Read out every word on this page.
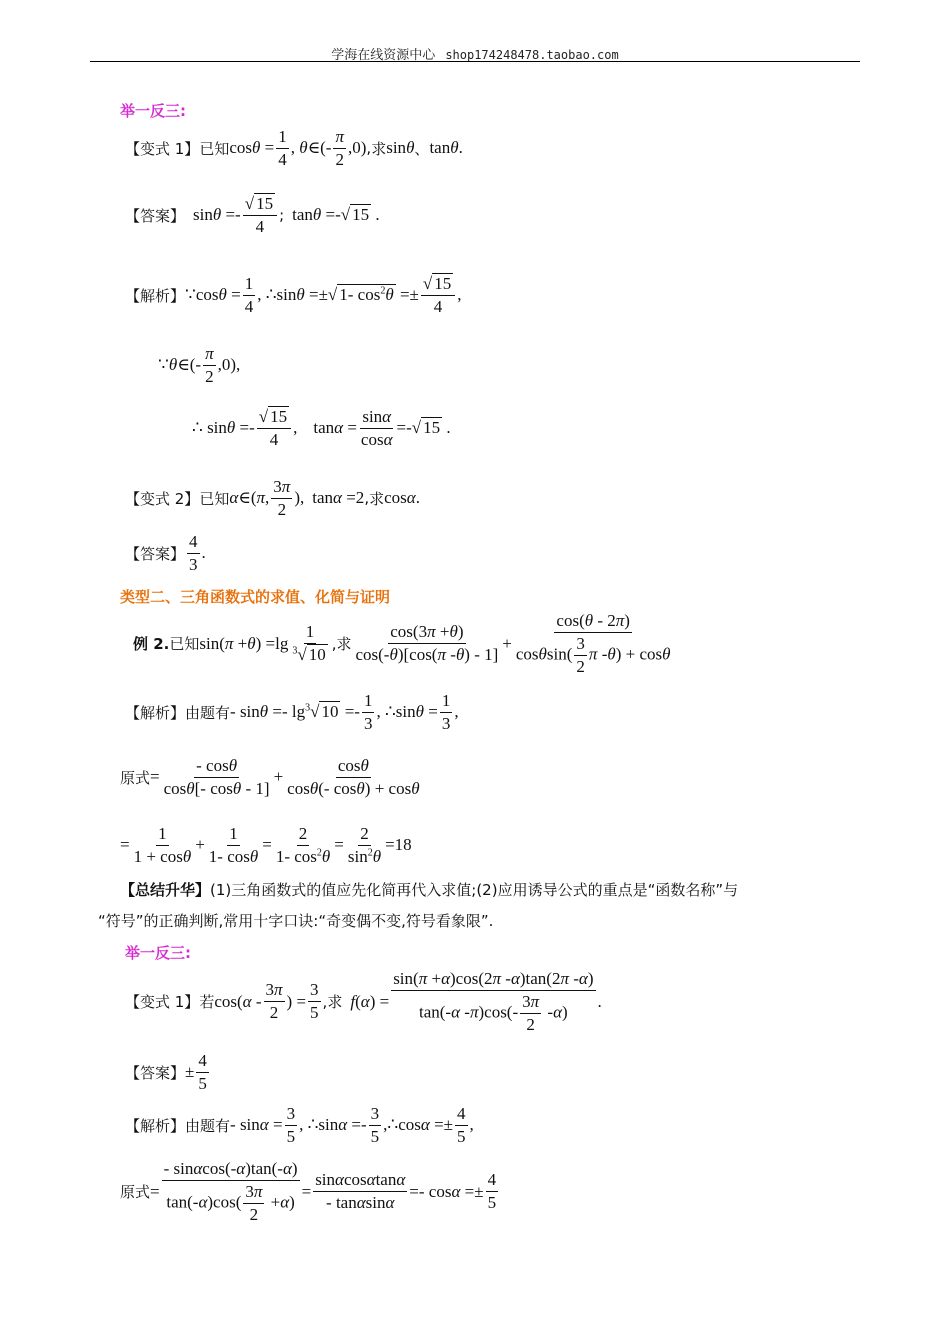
学海在线资源中心 shop174248478.taobao.com
举一反三:
【变式 1】 已知 $\cos\theta = \frac{1}{4}$ , θ∈(- $\frac{\pi}{2} ,0$) , 求 sinθ 、 tanθ.
【答案】 $\sin\theta =- \frac{√ 15}{4}$ ; tanθ =-√ 15 .
【解析】 ∵ $\cos\theta = \frac{1}{4}$ , ∴ sinθ =±√ 1- $\cos^2\theta =\pm \frac{√ 15}{4}$ ,
∵θ∈(- $\frac{\pi}{2} ,0$),
∴ $\sin\theta =- \frac{√ 15}{4}$ , $\tan\alpha = \frac{\sin\alpha}{\cos\alpha}$ =-√ 15 .
【变式 2】 已知 α ∈(π, $\frac{3\pi}{2}$ ), tanα =2 , 求 cosα.
【答案】 $\frac{4}{3}$ .
类型二、三角函数式的求值、化简与证明
例 2. 已知 $\sin(\pi +\theta) =\lg \frac{1}{^3√ 10}$ , 求 $\frac{\cos(3\pi +\theta)}{\cos(-\theta)[\cos(\pi -\theta) - 1]} + \frac{\cos(\theta - 2\pi)}{\cos\theta\sin( \frac{3}{2} \pi -\theta) + \cos\theta}$
【解析】 由题有 - $\sin\theta =- \lg^3√$ $10 =- \frac{1}{3}$ , ∴sinθ = $\frac{1}{3}$ ,
原式 = $\frac{- \cos\theta}{\cos\theta[- \cos\theta - 1]} + \frac{\cos\theta}{\cos\theta(- \cos\theta) + \cos\theta}$
= $\frac{1}{1 + \cos\theta} + \frac{1}{1- \cos\theta} = \frac{2}{1- \cos^2\theta} = \frac{2}{\sin^2\theta} =18$
【总结升华】(1)三角函数式的值应先化简再代入求值;(2)应用诱导公式的重点是“函数名称”与
“符号”的正确判断,常用十字口诀:“奇变偶不变,符号看象限”.
举一反三:
【变式 1】 若 $\cos(\alpha - \frac{3\pi}{2}$ ) = $\frac{3}{5}$ , 求 $f(\alpha) = \frac{\sin(\pi +\alpha)\cos(2\pi -\alpha)\tan(2\pi -\alpha)}{\tan(-\alpha -\pi)\cos(- \frac{3\pi}{2} -\alpha)}$ .
【答案】 ± $\frac{4}{5}$
【解析】 由题有 - $\sin\alpha = \frac{3}{5}$ , ∴sinα =- $\frac{3}{5}$ ,∴cosα =± $\frac{4}{5}$ ,
原式 = $\frac{- \sin\alpha\cos(-\alpha)\tan(-\alpha)}{\tan(-\alpha)\cos( \frac{3\pi}{2} +\alpha)} = \frac{\sin\alpha\cos\alpha\tan\alpha}{- \tan\alpha\sin\alpha} =- \cos\alpha =\pm \frac{4}{5}$
